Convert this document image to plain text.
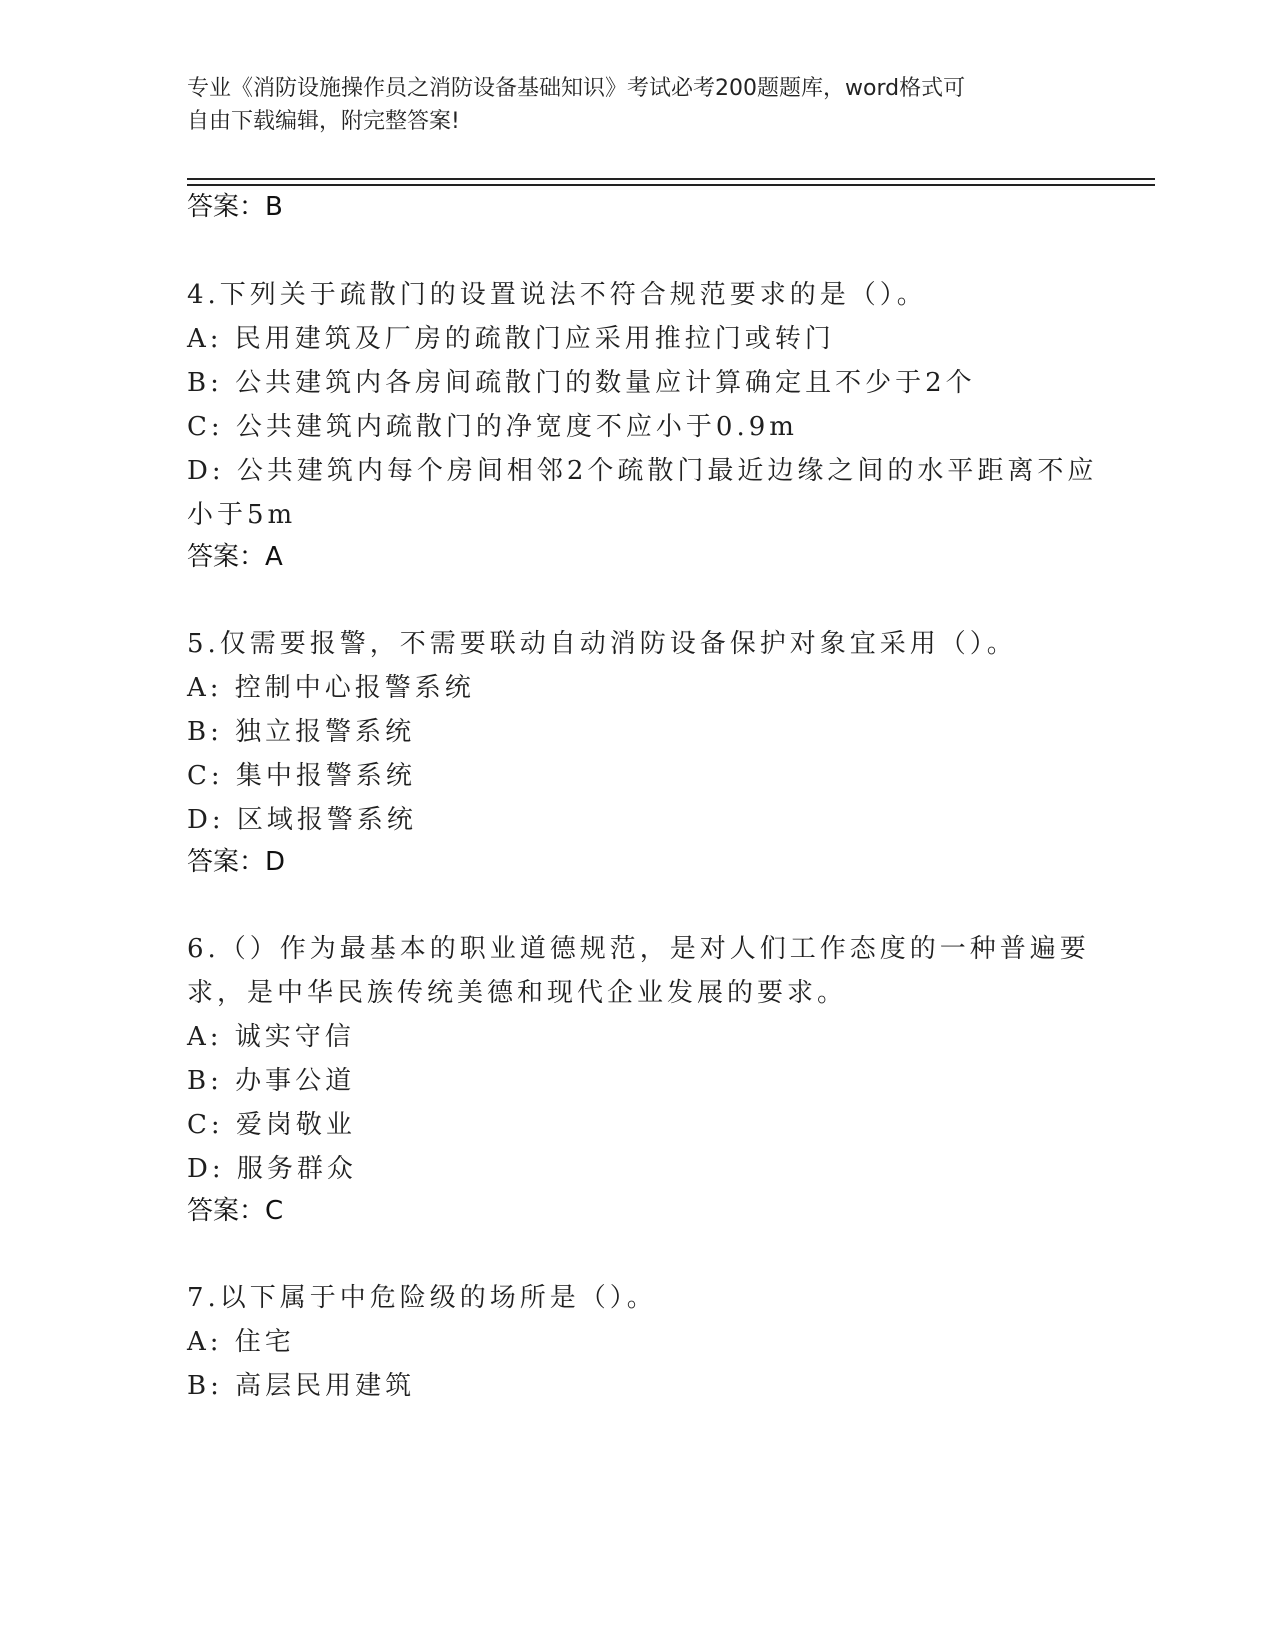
专业《消防设施操作员之消防设备基础知识》考试必考200题题库，word格式可
自由下载编辑，附完整答案!
答案：B
4.下列关于疏散门的设置说法不符合规范要求的是（）。
A: 民用建筑及厂房的疏散门应采用推拉门或转门
B: 公共建筑内各房间疏散门的数量应计算确定且不少于2个
C: 公共建筑内疏散门的净宽度不应小于0.9m
D: 公共建筑内每个房间相邻2个疏散门最近边缘之间的水平距离不应
小于5m
答案：A
5.仅需要报警，不需要联动自动消防设备保护对象宜采用（）。
A: 控制中心报警系统
B: 独立报警系统
C: 集中报警系统
D: 区域报警系统
答案：D
6.（）作为最基本的职业道德规范，是对人们工作态度的一种普遍要
求，是中华民族传统美德和现代企业发展的要求。
A: 诚实守信
B: 办事公道
C: 爱岗敬业
D: 服务群众
答案：C
7.以下属于中危险级的场所是（）。
A: 住宅
B: 高层民用建筑
